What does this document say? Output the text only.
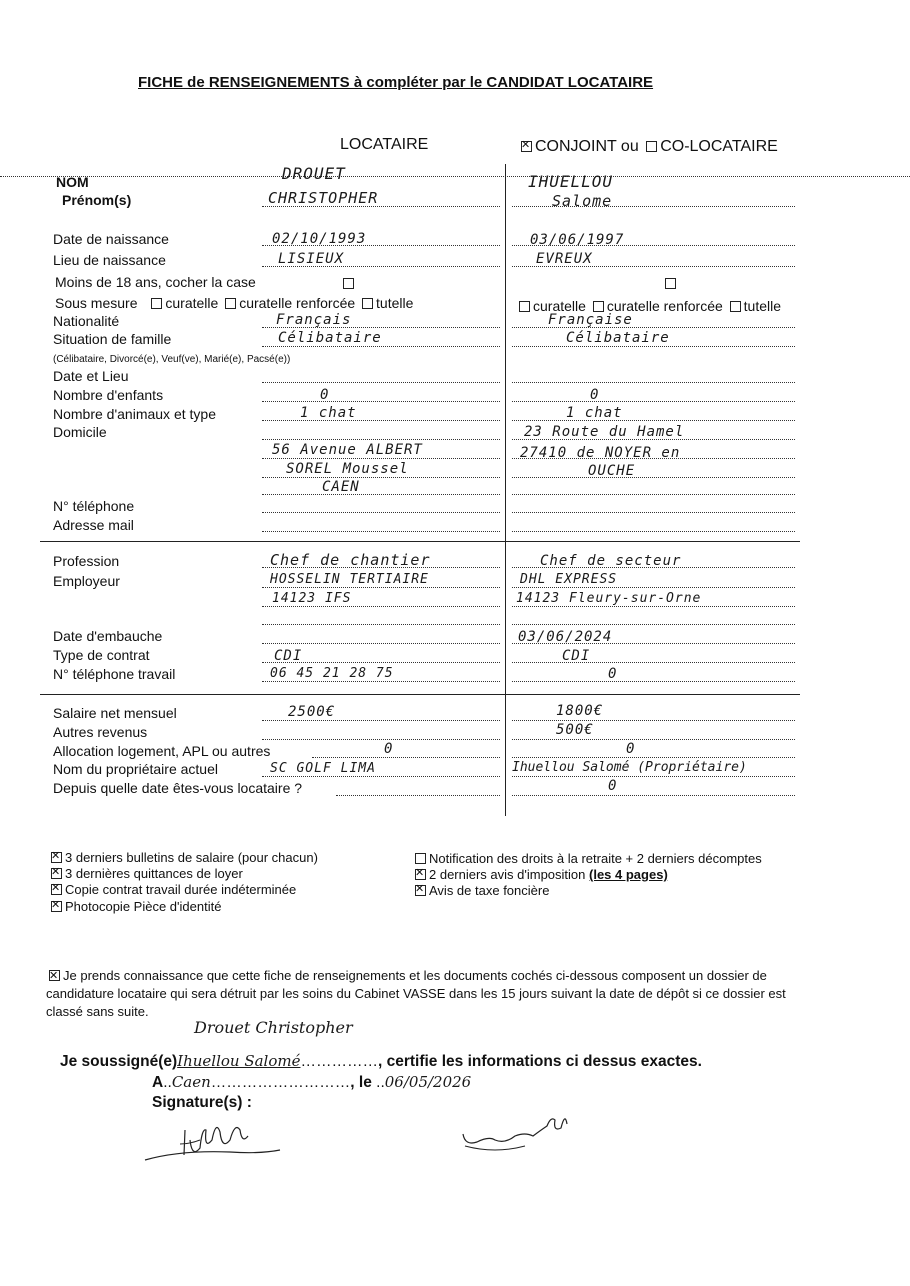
FICHE de RENSEIGNEMENTS à compléter par le CANDIDAT LOCATAIRE
LOCATAIRE
✕	CONJOINT ou CO-LOCATAIRE
NOM
Prénom(s)
Date de naissance
Lieu de naissance
Moins de 18 ans, cocher la case
Sous mesure curatelle curatelle renforcée tutelle	curatelle curatelle renforcée tutelle
Nationalité
Situation de famille
(Célibataire, Divorcé(e), Veuf(ve), Marié(e), Pacsé(e))
Date et Lieu
Nombre d'enfants
Nombre d'animaux et type
Domicile
N° téléphone
Adresse mail
Profession
Employeur
Date d'embauche
Type de contrat
N° téléphone travail
Salaire net mensuel
Autres revenus
Allocation logement, APL ou autres
Nom du propriétaire actuel
Depuis quelle date êtes-vous locataire ?
DROUET
CHRISTOPHER
02/10/1993
LISIEUX
Français
Célibataire
0
1 chat
56 Avenue ALBERT
SOREL Moussel
CAEN
Chef de chantier
HOSSELIN TERTIAIRE
14123 IFS
CDI
06 45 21 28 75
2500€
0
SC GOLF LIMA
IHUELLOU
Salome
03/06/1997
EVREUX
Française
Célibataire
0
1 chat
23 Route du Hamel
27410 de NOYER en
OUCHE
Chef de secteur
DHL EXPRESS
14123 Fleury-sur-Orne
03/06/2024
CDI
0
1800€
500€
0
Ihuellou Salomé (Propriétaire)
0
✕3 derniers bulletins de salaire (pour chacun)
✕3 dernières quittances de loyer
✕Copie contrat travail durée indéterminée
✕Photocopie Pièce d'identité
Notification des droits à la retraite + 2 derniers décomptes
✕2 derniers avis d'imposition (les 4 pages)
✕Avis de taxe foncière
✕Je prends connaissance que cette fiche de renseignements et les documents cochés ci-dessous composent un dossier de candidature locataire qui sera détruit par les soins du Cabinet VASSE dans les 15 jours suivant la date de dépôt si ce dossier est classé sans suite.
Drouet Christopher
Je soussigné(e)Ihuellou Salomé……………, certifie les informations ci dessus exactes.
A..Caen………………………, le ..06/05/2026
Signature(s) :
